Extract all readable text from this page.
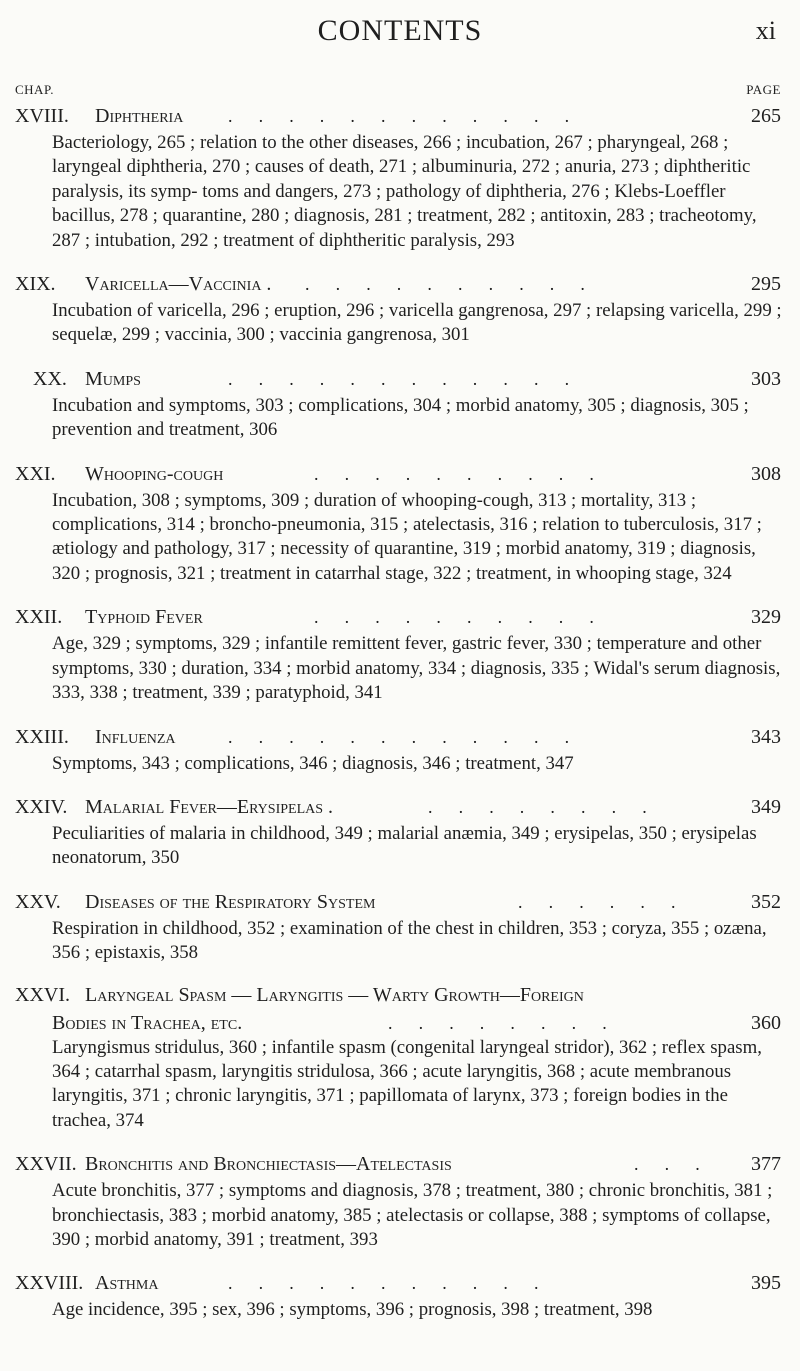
CONTENTS	xi
CHAP.	PAGE
XVIII. Diphtheria . . . . . . . . . . . .	265
Bacteriology, 265 ; relation to the other diseases, 266 ; incubation, 267 ; pharyngeal, 268 ; laryngeal diphtheria, 270 ; causes of death, 271 ; albuminuria, 272 ; anuria, 273 ; diphtheritic paralysis, its symp- toms and dangers, 273 ; pathology of diphtheria, 276 ; Klebs-Loeffler bacillus, 278 ; quarantine, 280 ; diagnosis, 281 ; treatment, 282 ; antitoxin, 283 ; tracheotomy, 287 ; intubation, 292 ; treatment of diphtheritic paralysis, 293
XIX. Varicella—Vaccinia . . . . . . . . . . .	295
Incubation of varicella, 296 ; eruption, 296 ; varicella gangrenosa, 297 ; relapsing varicella, 299 ; sequelæ, 299 ; vaccinia, 300 ; vaccinia gangrenosa, 301
XX. Mumps	. . . . . . . . . . . .	303
Incubation and symptoms, 303 ; complications, 304 ; morbid anatomy, 305 ; diagnosis, 305 ; prevention and treatment, 306
XXI. Whooping-cough	. . . . . . . . . .	308
Incubation, 308 ; symptoms, 309 ; duration of whooping-cough, 313 ; mortality, 313 ; complications, 314 ; broncho-pneumonia, 315 ; atelectasis, 316 ; relation to tuberculosis, 317 ; ætiology and pathology, 317 ; necessity of quarantine, 319 ; morbid anatomy, 319 ; diagnosis, 320 ; prognosis, 321 ; treatment in catarrhal stage, 322 ; treatment, in whooping stage, 324
XXII. Typhoid Fever	. . . . . . . . . .	329
Age, 329 ; symptoms, 329 ; infantile remittent fever, gastric fever, 330 ; temperature and other symptoms, 330 ; duration, 334 ; morbid anatomy, 334 ; diagnosis, 335 ; Widal's serum diagnosis, 333, 338 ; treatment, 339 ; paratyphoid, 341
XXIII. Influenza	. . . . . . . . . . . .	343
Symptoms, 343 ; complications, 346 ; diagnosis, 346 ; treatment, 347
XXIV. Malarial Fever—Erysipelas .	. . . . . . . .	349
Peculiarities of malaria in childhood, 349 ; malarial anæmia, 349 ; erysipelas, 350 ; erysipelas neonatorum, 350
XXV. Diseases of the Respiratory System	. . . . . .	352
Respiration in childhood, 352 ; examination of the chest in children, 353 ; coryza, 355 ; ozæna, 356 ; epistaxis, 358
XXVI. Laryngeal Spasm — Laryngitis — Warty Growth—Foreign
Bodies in Trachea, etc.	. . . . . . . .	360
Laryngismus stridulus, 360 ; infantile spasm (congenital laryngeal stridor), 362 ; reflex spasm, 364 ; catarrhal spasm, laryngitis stridulosa, 366 ; acute laryngitis, 368 ; acute membranous laryngitis, 371 ; chronic laryngitis, 371 ; papillomata of larynx, 373 ; foreign bodies in the trachea, 374
XXVII. Bronchitis and Bronchiectasis—Atelectasis	. . . 377
Acute bronchitis, 377 ; symptoms and diagnosis, 378 ; treatment, 380 ; chronic bronchitis, 381 ; bronchiectasis, 383 ; morbid anatomy, 385 ; atelectasis or collapse, 388 ; symptoms of collapse, 390 ; morbid anatomy, 391 ; treatment, 393
XXVIII. Asthma	. . . . . . . . . . .	395
Age incidence, 395 ; sex, 396 ; symptoms, 396 ; prognosis, 398 ; treatment, 398
